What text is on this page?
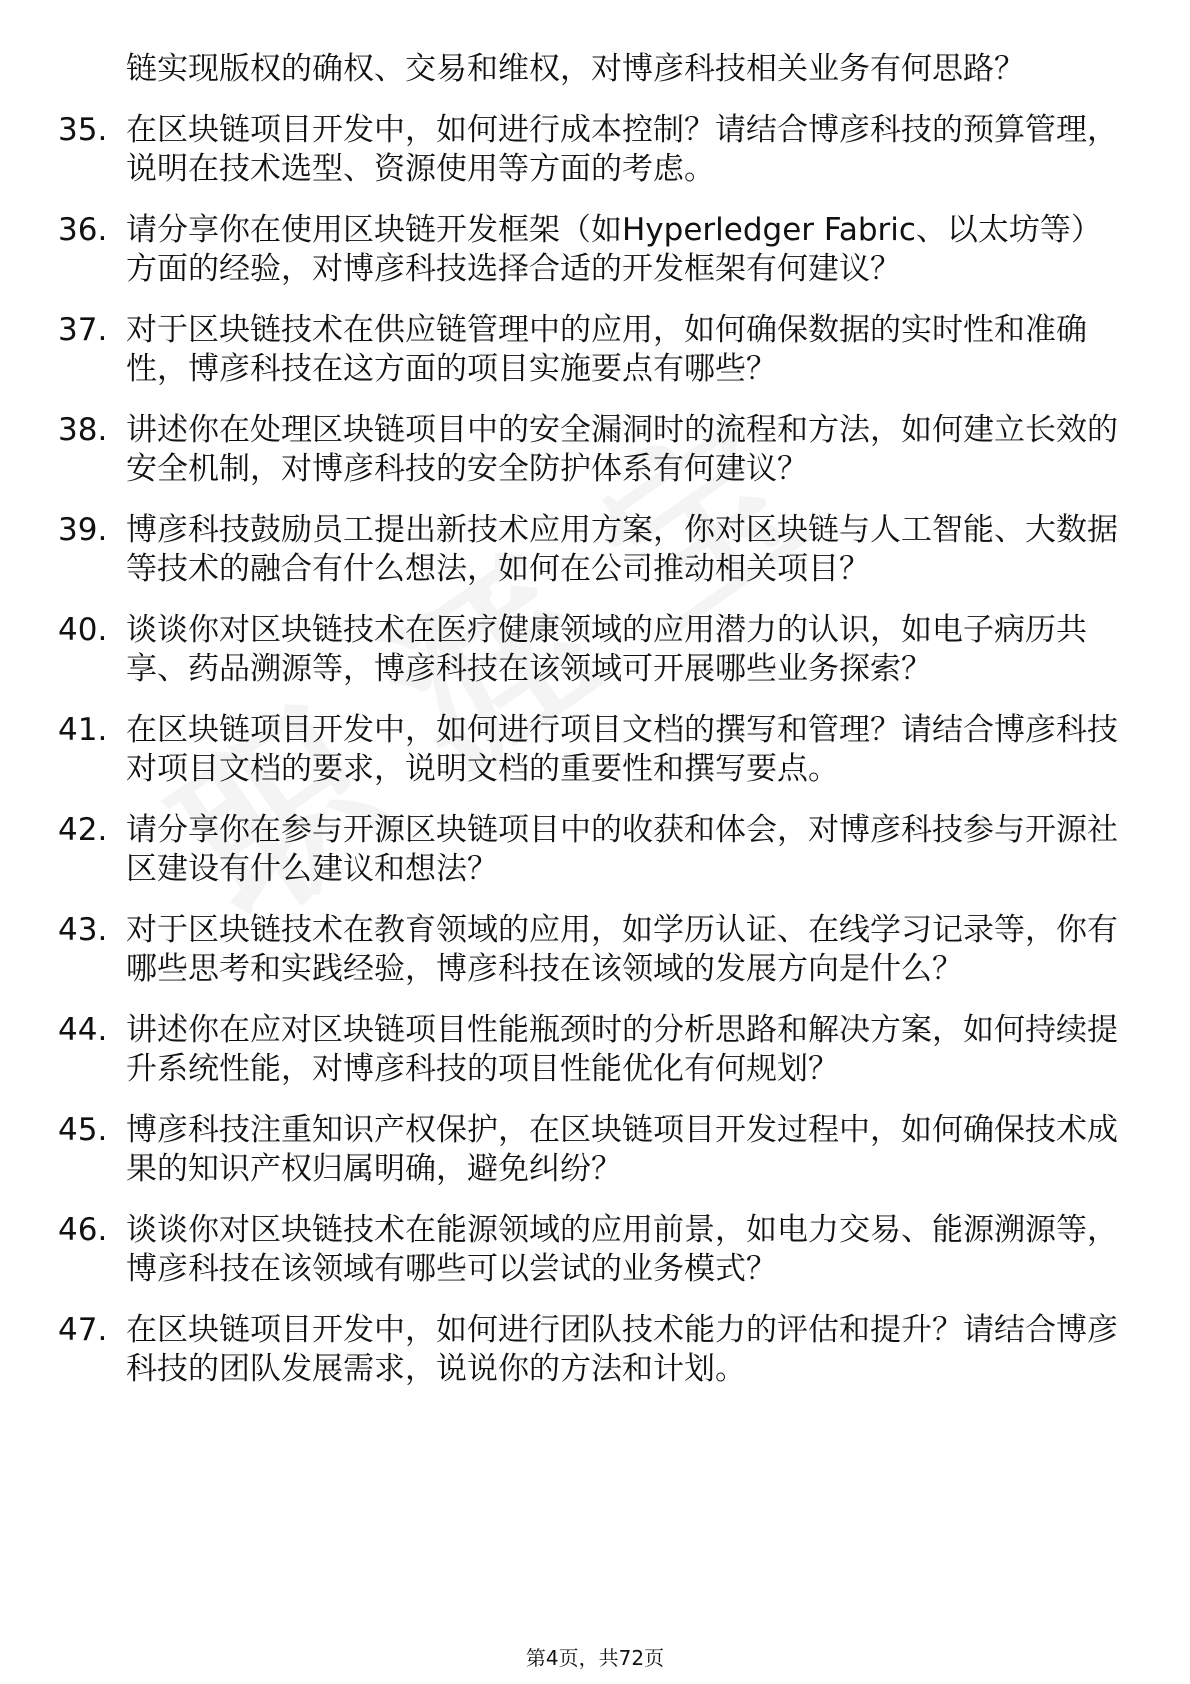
链实现版权的确权、交易和维权，对博彦科技相关业务有何思路？
35. 在区块链项目开发中，如何进行成本控制？请结合博彦科技的预算管理，说明在技术选型、资源使用等方面的考虑。
36. 请分享你在使用区块链开发框架（如Hyperledger Fabric、以太坊等）方面的经验，对博彦科技选择合适的开发框架有何建议？
37. 对于区块链技术在供应链管理中的应用，如何确保数据的实时性和准确性，博彦科技在这方面的项目实施要点有哪些？
38. 讲述你在处理区块链项目中的安全漏洞时的流程和方法，如何建立长效的安全机制，对博彦科技的安全防护体系有何建议？
39. 博彦科技鼓励员工提出新技术应用方案，你对区块链与人工智能、大数据等技术的融合有什么想法，如何在公司推动相关项目？
40. 谈谈你对区块链技术在医疗健康领域的应用潜力的认识，如电子病历共享、药品溯源等，博彦科技在该领域可开展哪些业务探索？
41. 在区块链项目开发中，如何进行项目文档的撰写和管理？请结合博彦科技对项目文档的要求，说明文档的重要性和撰写要点。
42. 请分享你在参与开源区块链项目中的收获和体会，对博彦科技参与开源社区建设有什么建议和想法？
43. 对于区块链技术在教育领域的应用，如学历认证、在线学习记录等，你有哪些思考和实践经验，博彦科技在该领域的发展方向是什么？
44. 讲述你在应对区块链项目性能瓶颈时的分析思路和解决方案，如何持续提升系统性能，对博彦科技的项目性能优化有何规划？
45. 博彦科技注重知识产权保护，在区块链项目开发过程中，如何确保技术成果的知识产权归属明确，避免纠纷？
46. 谈谈你对区块链技术在能源领域的应用前景，如电力交易、能源溯源等，博彦科技在该领域有哪些可以尝试的业务模式？
47. 在区块链项目开发中，如何进行团队技术能力的评估和提升？请结合博彦科技的团队发展需求，说说你的方法和计划。
第4页，共72页
